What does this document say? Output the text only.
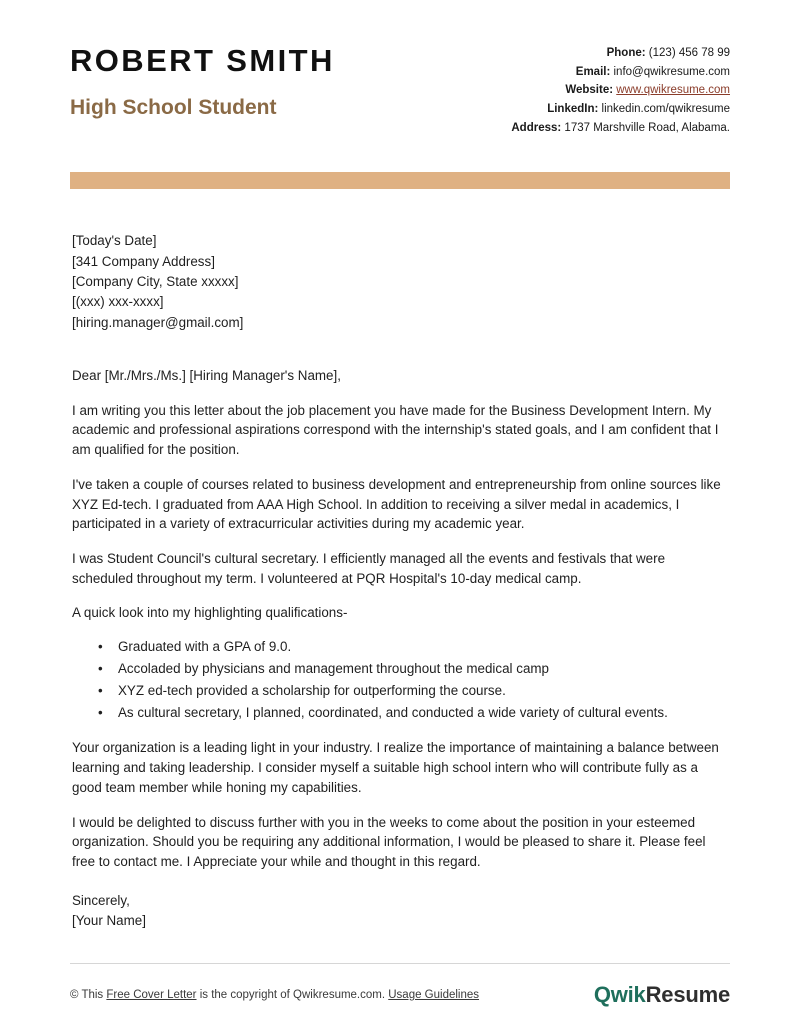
ROBERT SMITH
High School Student
Phone: (123) 456 78 99
Email: info@qwikresume.com
Website: www.qwikresume.com
LinkedIn: linkedin.com/qwikresume
Address: 1737 Marshville Road, Alabama.
[Today's Date]
[341 Company Address]
[Company City, State xxxxx]
[(xxx) xxx-xxxx]
[hiring.manager@gmail.com]
Dear [Mr./Mrs./Ms.] [Hiring Manager's Name],

I am writing you this letter about the job placement you have made for the Business Development Intern. My academic and professional aspirations correspond with the internship's stated goals, and I am confident that I am qualified for the position.

I've taken a couple of courses related to business development and entrepreneurship from online sources like XYZ Ed-tech. I graduated from AAA High School. In addition to receiving a silver medal in academics, I participated in a variety of extracurricular activities during my academic year.

I was Student Council's cultural secretary. I efficiently managed all the events and festivals that were scheduled throughout my term. I volunteered at PQR Hospital's 10-day medical camp.

A quick look into my highlighting qualifications-

• Graduated with a GPA of 9.0.
• Accoladed by physicians and management throughout the medical camp
• XYZ ed-tech provided a scholarship for outperforming the course.
• As cultural secretary, I planned, coordinated, and conducted a wide variety of cultural events.

Your organization is a leading light in your industry. I realize the importance of maintaining a balance between learning and taking leadership. I consider myself a suitable high school intern who will contribute fully as a good team member while honing my capabilities.

I would be delighted to discuss further with you in the weeks to come about the position in your esteemed organization. Should you be requiring any additional information, I would be pleased to share it. Please feel free to contact me. I Appreciate your while and thought in this regard.

Sincerely,
[Your Name]
© This Free Cover Letter is the copyright of Qwikresume.com. Usage Guidelines	QwikResume
